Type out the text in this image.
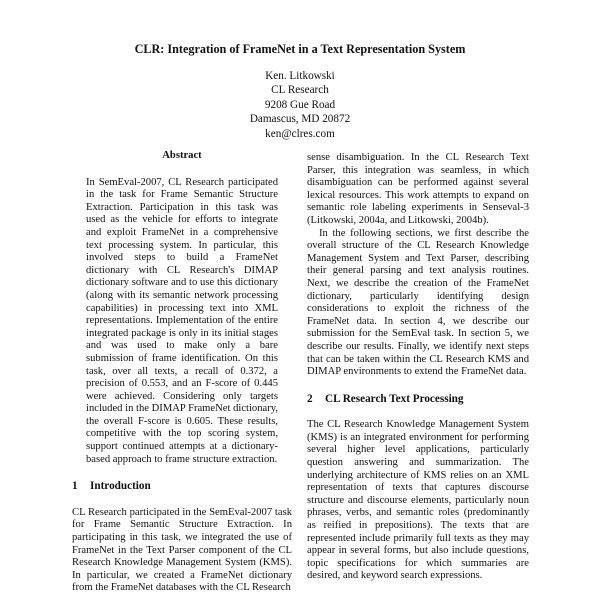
CLR: Integration of FrameNet in a Text Representation System
Ken. Litkowski
CL Research
9208 Gue Road
Damascus, MD 20872
ken@clres.com
Abstract

In SemEval-2007, CL Research participated in the task for Frame Semantic Structure Extraction. Participation in this task was used as the vehicle for efforts to integrate and exploit FrameNet in a comprehensive text processing system. In particular, this involved steps to build a FrameNet dictionary with CL Research's DIMAP dictionary software and to use this dictionary (along with its semantic network processing capabilities) in processing text into XML representations. Implementation of the entire integrated package is only in its initial stages and was used to make only a bare submission of frame identification. On this task, over all texts, a recall of 0.372, a precision of 0.553, and an F-score of 0.445 were achieved. Considering only targets included in the DIMAP FrameNet dictionary, the overall F-score is 0.605. These results, competitive with the top scoring system, support continued attempts at a dictionary-based approach to frame structure extraction.

1 Introduction

CL Research participated in the SemEval-2007 task for Frame Semantic Structure Extraction. In participating in this task, we integrated the use of FrameNet in the Text Parser component of the CL Research Knowledge Management System (KMS). In particular, we created a FrameNet dictionary from the FrameNet databases with the CL Research

sense disambiguation. In the CL Research Text Parser, this integration was seamless, in which disambiguation can be performed against several lexical resources. This work attempts to expand on semantic role labeling experiments in Senseval-3 (Litkowski, 2004a, and Litkowski, 2004b).

In the following sections, we first describe the overall structure of the CL Research Knowledge Management System and Text Parser, describing their general parsing and text analysis routines. Next, we describe the creation of the FrameNet dictionary, particularly identifying design considerations to exploit the richness of the FrameNet data. In section 4, we describe our submission for the SemEval task. In section 5, we describe our results. Finally, we identify next steps that can be taken within the CL Research KMS and DIMAP environments to extend the FrameNet data.

2 CL Research Text Processing

The CL Research Knowledge Management System (KMS) is an integrated environment for performing several higher level applications, particularly question answering and summarization. The underlying architecture of KMS relies on an XML representation of texts that captures discourse structure and discourse elements, particularly noun phrases, verbs, and semantic roles (predominantly as reified in prepositions). The texts that are represented include primarily full texts as they may appear in several forms, but also include questions, topic specifications for which summaries are desired, and keyword search expressions.
